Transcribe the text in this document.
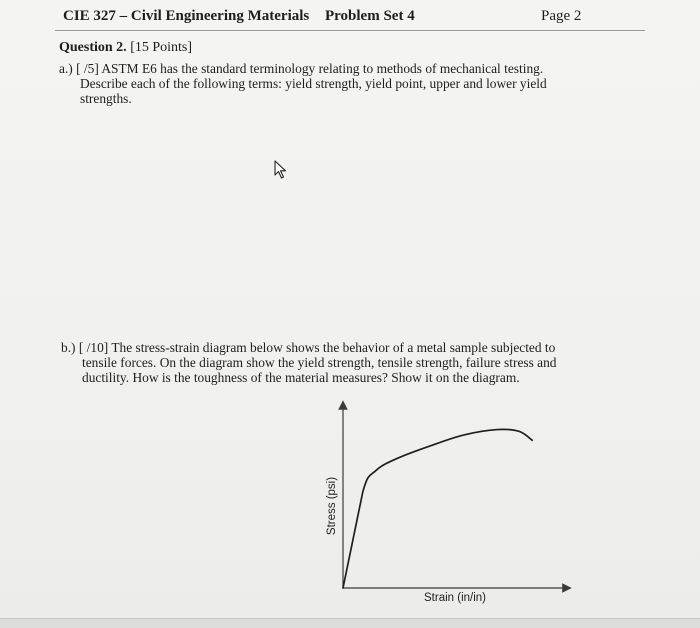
CIE 327 – Civil Engineering Materials Problem Set 4	Page 2
Question 2. [15 Points]
a.) [ /5] ASTM E6 has the standard terminology relating to methods of mechanical testing.
Describe each of the following terms: yield strength, yield point, upper and lower yield
strengths.
b.) [ /10] The stress-strain diagram below shows the behavior of a metal sample subjected to
tensile forces. On the diagram show the yield strength, tensile strength, failure stress and
ductility. How is the toughness of the material measures? Show it on the diagram.
Strain (in/in)
Stress (psi)
